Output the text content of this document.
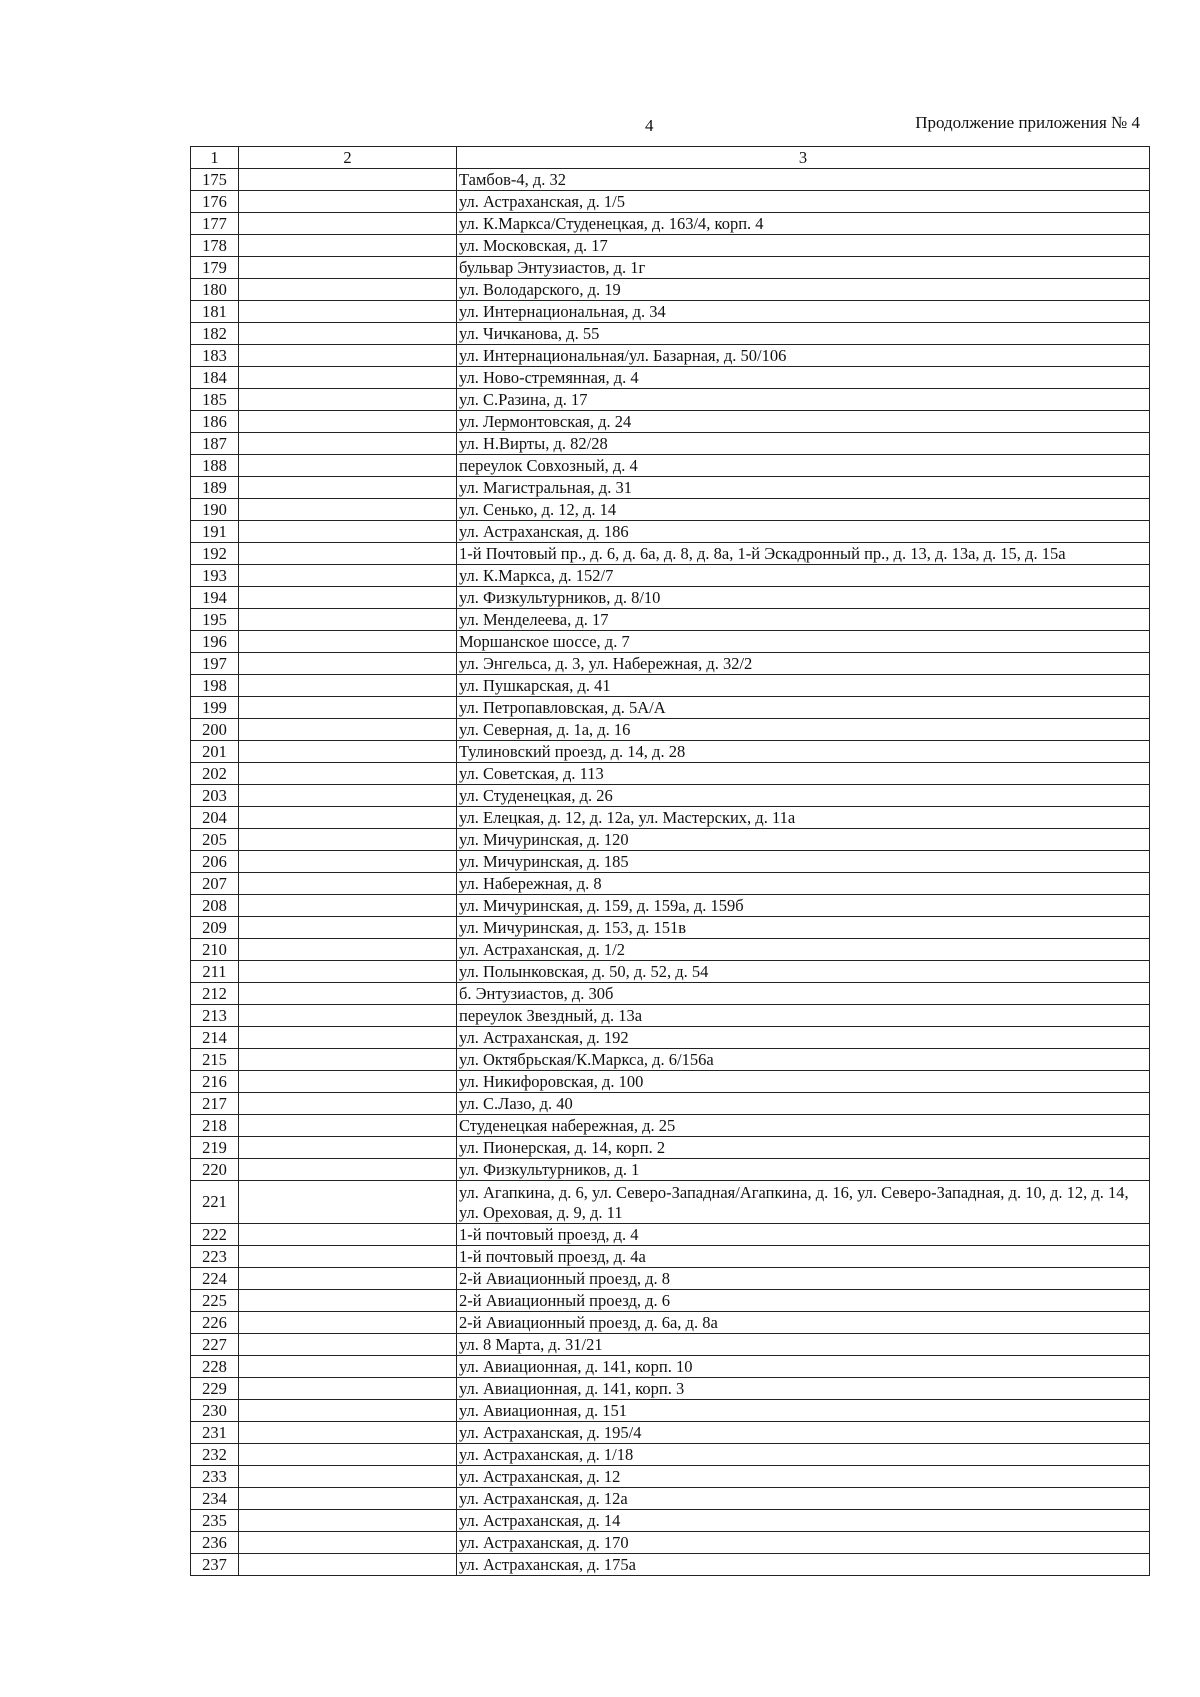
4	Продолжение приложения № 4
1	2	3
175		Тамбов-4, д. 32

176		ул. Астраханская, д. 1/5

177		ул. К.Маркса/Студенецкая, д. 163/4, корп. 4

178		ул. Московская, д. 17

179		бульвар Энтузиастов, д. 1г

180		ул. Володарского, д. 19

181		ул. Интернациональная, д. 34

182		ул. Чичканова, д. 55

183		ул. Интернациональная/ул. Базарная, д. 50/106

184		ул. Ново-стремянная, д. 4

185		ул. С.Разина, д. 17

186		ул. Лермонтовская, д. 24

187		ул. Н.Вирты, д. 82/28

188		переулок Совхозный, д. 4

189		ул. Магистральная, д. 31

190		ул. Сенько, д. 12, д. 14

191		ул. Астраханская, д. 186

192		1-й Почтовый пр., д. 6, д. 6а, д. 8, д. 8а, 1-й Эскадронный пр., д. 13, д. 13а, д. 15, д. 15а

193		ул. К.Маркса, д. 152/7

194		ул. Физкультурников, д. 8/10

195		ул. Менделеева, д. 17

196		Моршанское шоссе, д. 7

197		ул. Энгельса, д. 3, ул. Набережная, д. 32/2

198		ул. Пушкарская, д. 41

199		ул. Петропавловская, д. 5А/А

200		ул. Северная, д. 1а, д. 16

201		Тулиновский проезд, д. 14, д. 28

202		ул. Советская, д. 113

203		ул. Студенецкая, д. 26

204		ул. Елецкая, д. 12, д. 12а, ул. Мастерских, д. 11а

205		ул. Мичуринская, д. 120

206		ул. Мичуринская, д. 185

207		ул. Набережная, д. 8

208		ул. Мичуринская, д. 159, д. 159а, д. 159б

209		ул. Мичуринская, д. 153, д. 151в

210		ул. Астраханская, д. 1/2

211		ул. Полынковская, д. 50, д. 52, д. 54

212		б. Энтузиастов, д. 30б

213		переулок Звездный, д. 13а

214		ул. Астраханская, д. 192

215		ул. Октябрьская/К.Маркса, д. 6/156а

216		ул. Никифоровская, д. 100

217		ул. С.Лазо, д. 40

218		Студенецкая набережная, д. 25

219		ул. Пионерская, д. 14, корп. 2

220		ул. Физкультурников, д. 1

221		ул. Агапкина, д. 6, ул. Северо-Западная/Агапкина, д. 16, ул. Северо-Западная, д. 10, д. 12, д. 14, ул. Ореховая, д. 9, д. 11

222		1-й почтовый проезд, д. 4

223		1-й почтовый проезд, д. 4а

224		2-й Авиационный проезд, д. 8

225		2-й Авиационный проезд, д. 6

226		2-й Авиационный проезд, д. 6а, д. 8а

227		ул. 8 Марта, д. 31/21

228		ул. Авиационная, д. 141, корп. 10

229		ул. Авиационная, д. 141, корп. 3

230		ул. Авиационная, д. 151

231		ул. Астраханская, д. 195/4

232		ул. Астраханская, д. 1/18

233		ул. Астраханская, д. 12

234		ул. Астраханская, д. 12а

235		ул. Астраханская, д. 14

236		ул. Астраханская, д. 170

237		ул. Астраханская, д. 175а
